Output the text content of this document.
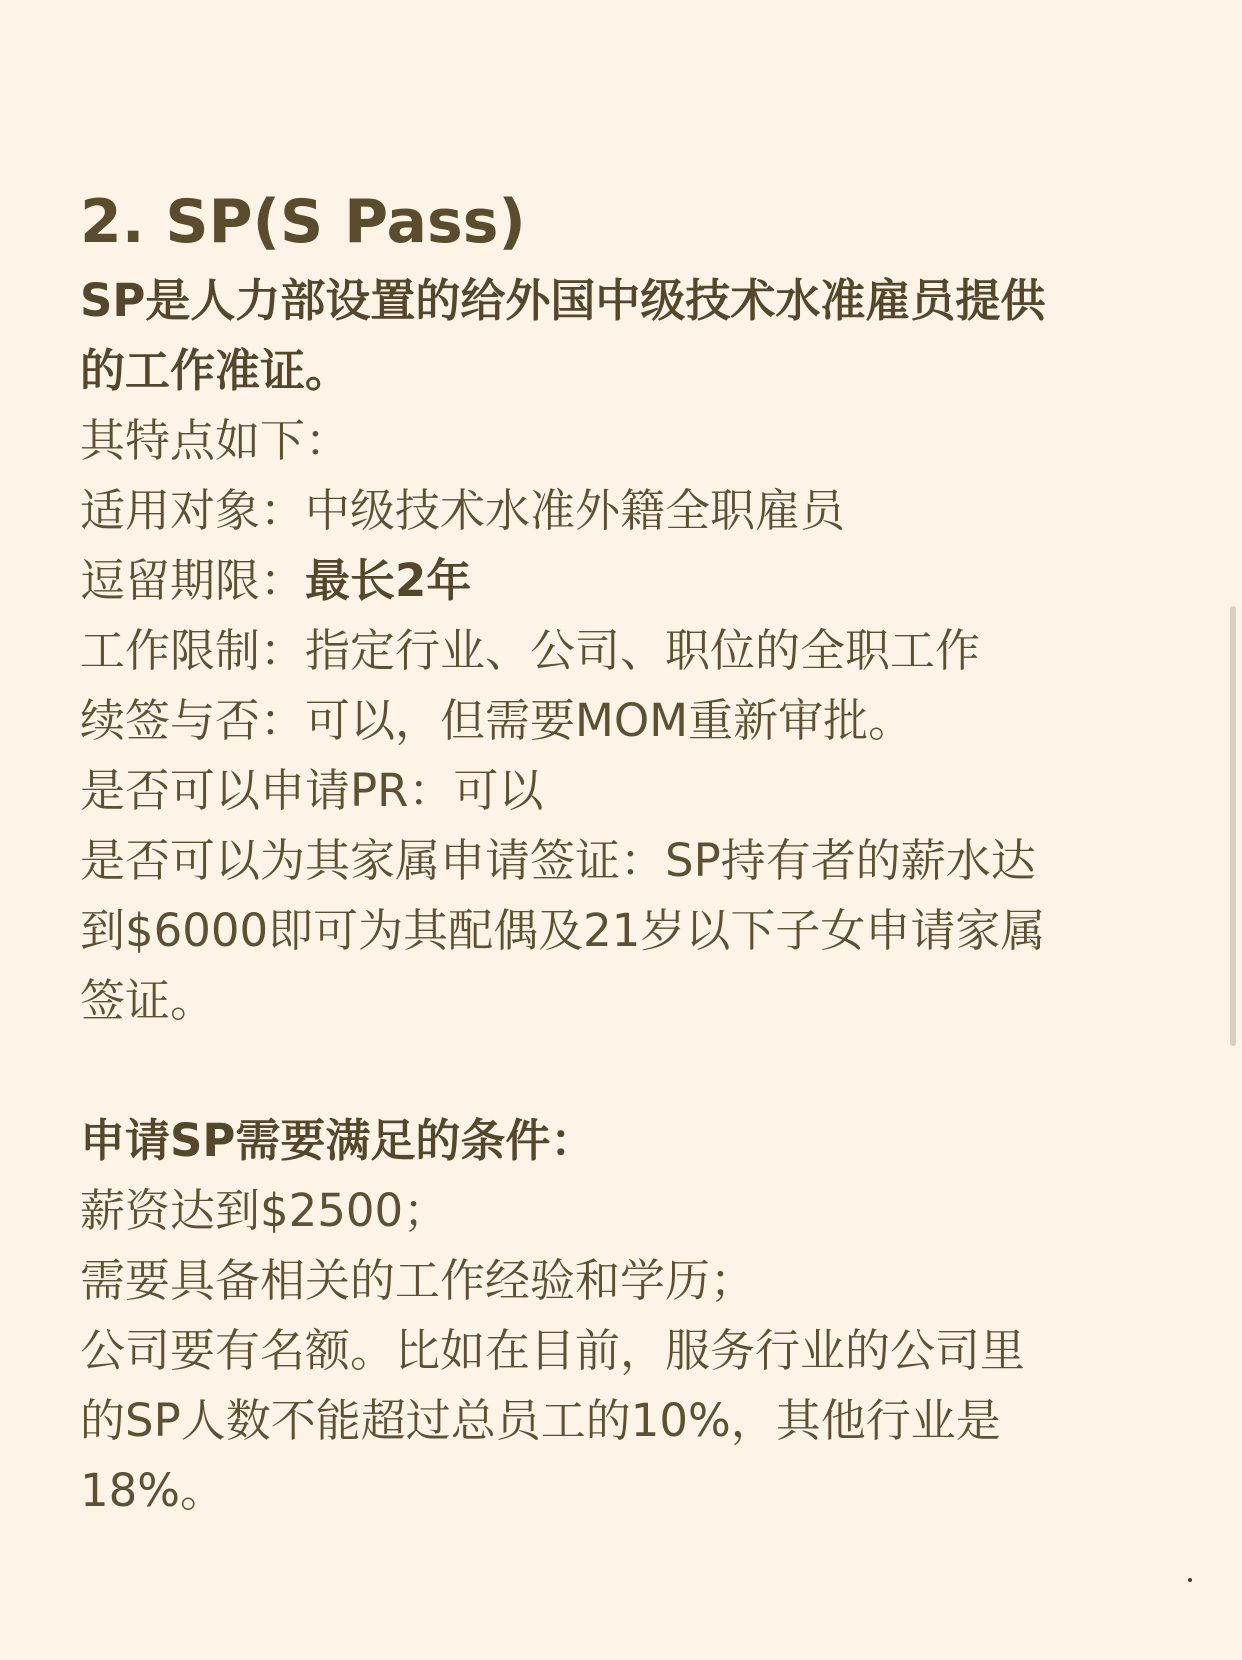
2. SP(S Pass)
SP是人力部设置的给外国中级技术水准雇员提供
的工作准证。
其特点如下：
适用对象：中级技术水准外籍全职雇员
逗留期限：最长2年
工作限制：指定行业、公司、职位的全职工作
续签与否：可以，但需要MOM重新审批。
是否可以申请PR：可以
是否可以为其家属申请签证：SP持有者的薪水达
到$6000即可为其配偶及21岁以下子女申请家属
签证。
申请SP需要满足的条件：
薪资达到$2500；
需要具备相关的工作经验和学历；
公司要有名额。比如在目前，服务行业的公司里
的SP人数不能超过总员工的10%，其他行业是
18%。
